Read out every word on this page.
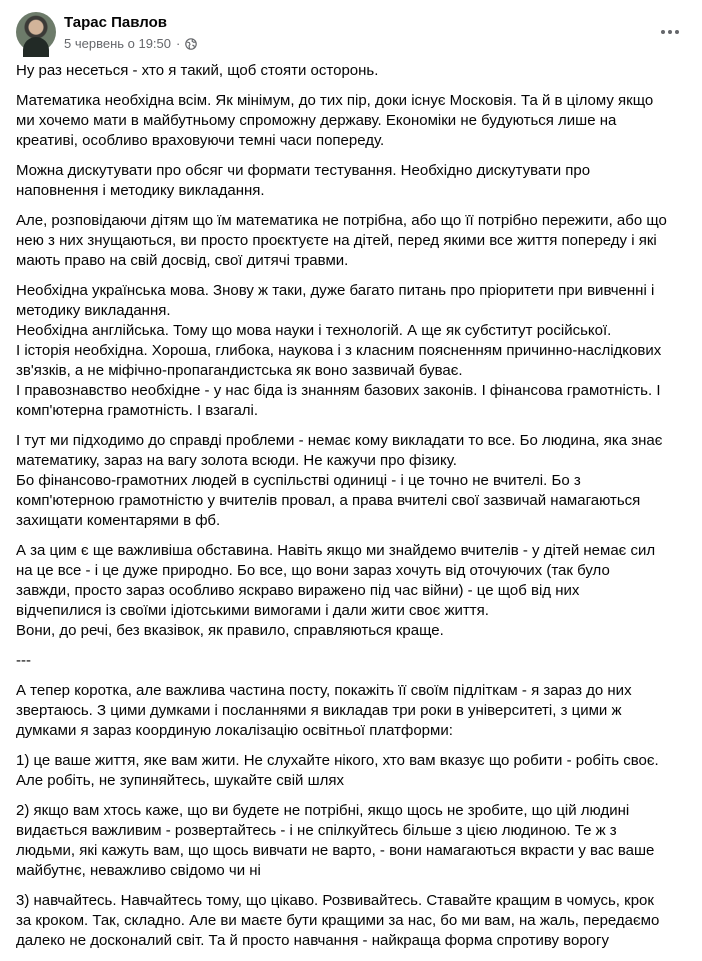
Тарас Павлов
5 червень о 19:50 ·

Ну раз несеться - хто я такий, щоб стояти осторонь.

Математика необхідна всім. Як мінімум, до тих пір, доки існує Московія. Та й в цілому якщо
ми хочемо мати в майбутньому спроможну державу. Економіки не будуються лише на
креативі, особливо враховуючи темні часи попереду.

Можна дискутувати про обсяг чи формати тестування. Необхідно дискутувати про
наповнення і методику викладання.

Але, розповідаючи дітям що їм математика не потрібна, або що її потрібно пережити, або що
нею з них знущаються, ви просто проєктуєте на дітей, перед якими все життя попереду і які
мають право на свій досвід, свої дитячі травми.

Необхідна українська мова. Знову ж таки, дуже багато питань про пріоритети при вивченні і
методику викладання.
Необхідна англійська. Тому що мова науки і технологій. А ще як субститут російської.
І історія необхідна. Хороша, глибока, наукова і з класним поясненням причинно-наслідкових
зв'язків, а не міфічно-пропагандистська як воно зазвичай буває.
І правознавство необхідне - у нас біда із знанням базових законів. І фінансова грамотність. І
комп'ютерна грамотність. І взагалі.

І тут ми підходимо до справді проблеми - немає кому викладати то все. Бо людина, яка знає
математику, зараз на вагу золота всюди. Не кажучи про фізику.
Бо фінансово-грамотних людей в суспільстві одиниці - і це точно не вчителі. Бо з
комп'ютерною грамотністю у вчителів провал, а права вчителі свої зазвичай намагаються
захищати коментарями в фб.

А за цим є ще важливіша обставина. Навіть якщо ми знайдемо вчителів - у дітей немає сил
на це все - і це дуже природно. Бо все, що вони зараз хочуть від оточуючих (так було
завжди, просто зараз особливо яскраво виражено під час війни) - це щоб від них
відчепилися із своїми ідіотськими вимогами і дали жити своє життя.
Вони, до речі, без вказівок, як правило, справляються краще.

---

А тепер коротка, але важлива частина посту, покажіть її своїм підліткам - я зараз до них
звертаюсь. З цими думками і посланнями я викладав три роки в університеті, з цими ж
думками я зараз координую локалізацію освітньої платформи:

1) це ваше життя, яке вам жити. Не слухайте нікого, хто вам вказує що робити - робіть своє.
Але робіть, не зупиняйтесь, шукайте свій шлях

2) якщо вам хтось каже, що ви будете не потрібні, якщо щось не зробите, що цій людині
видається важливим - розвертайтесь - і не спілкуйтесь більше з цією людиною. Те ж з
людьми, які кажуть вам, що щось вивчати не варто, - вони намагаються вкрасти у вас ваше
майбутнє, неважливо свідомо чи ні

3) навчайтесь. Навчайтесь тому, що цікаво. Розвивайтесь. Ставайте кращим в чомусь, крок
за кроком. Так, складно. Але ви маєте бути кращими за нас, бо ми вам, на жаль, передаємо
далеко не досконалий світ. Та й просто навчання - найкраща форма спротиву ворогу
